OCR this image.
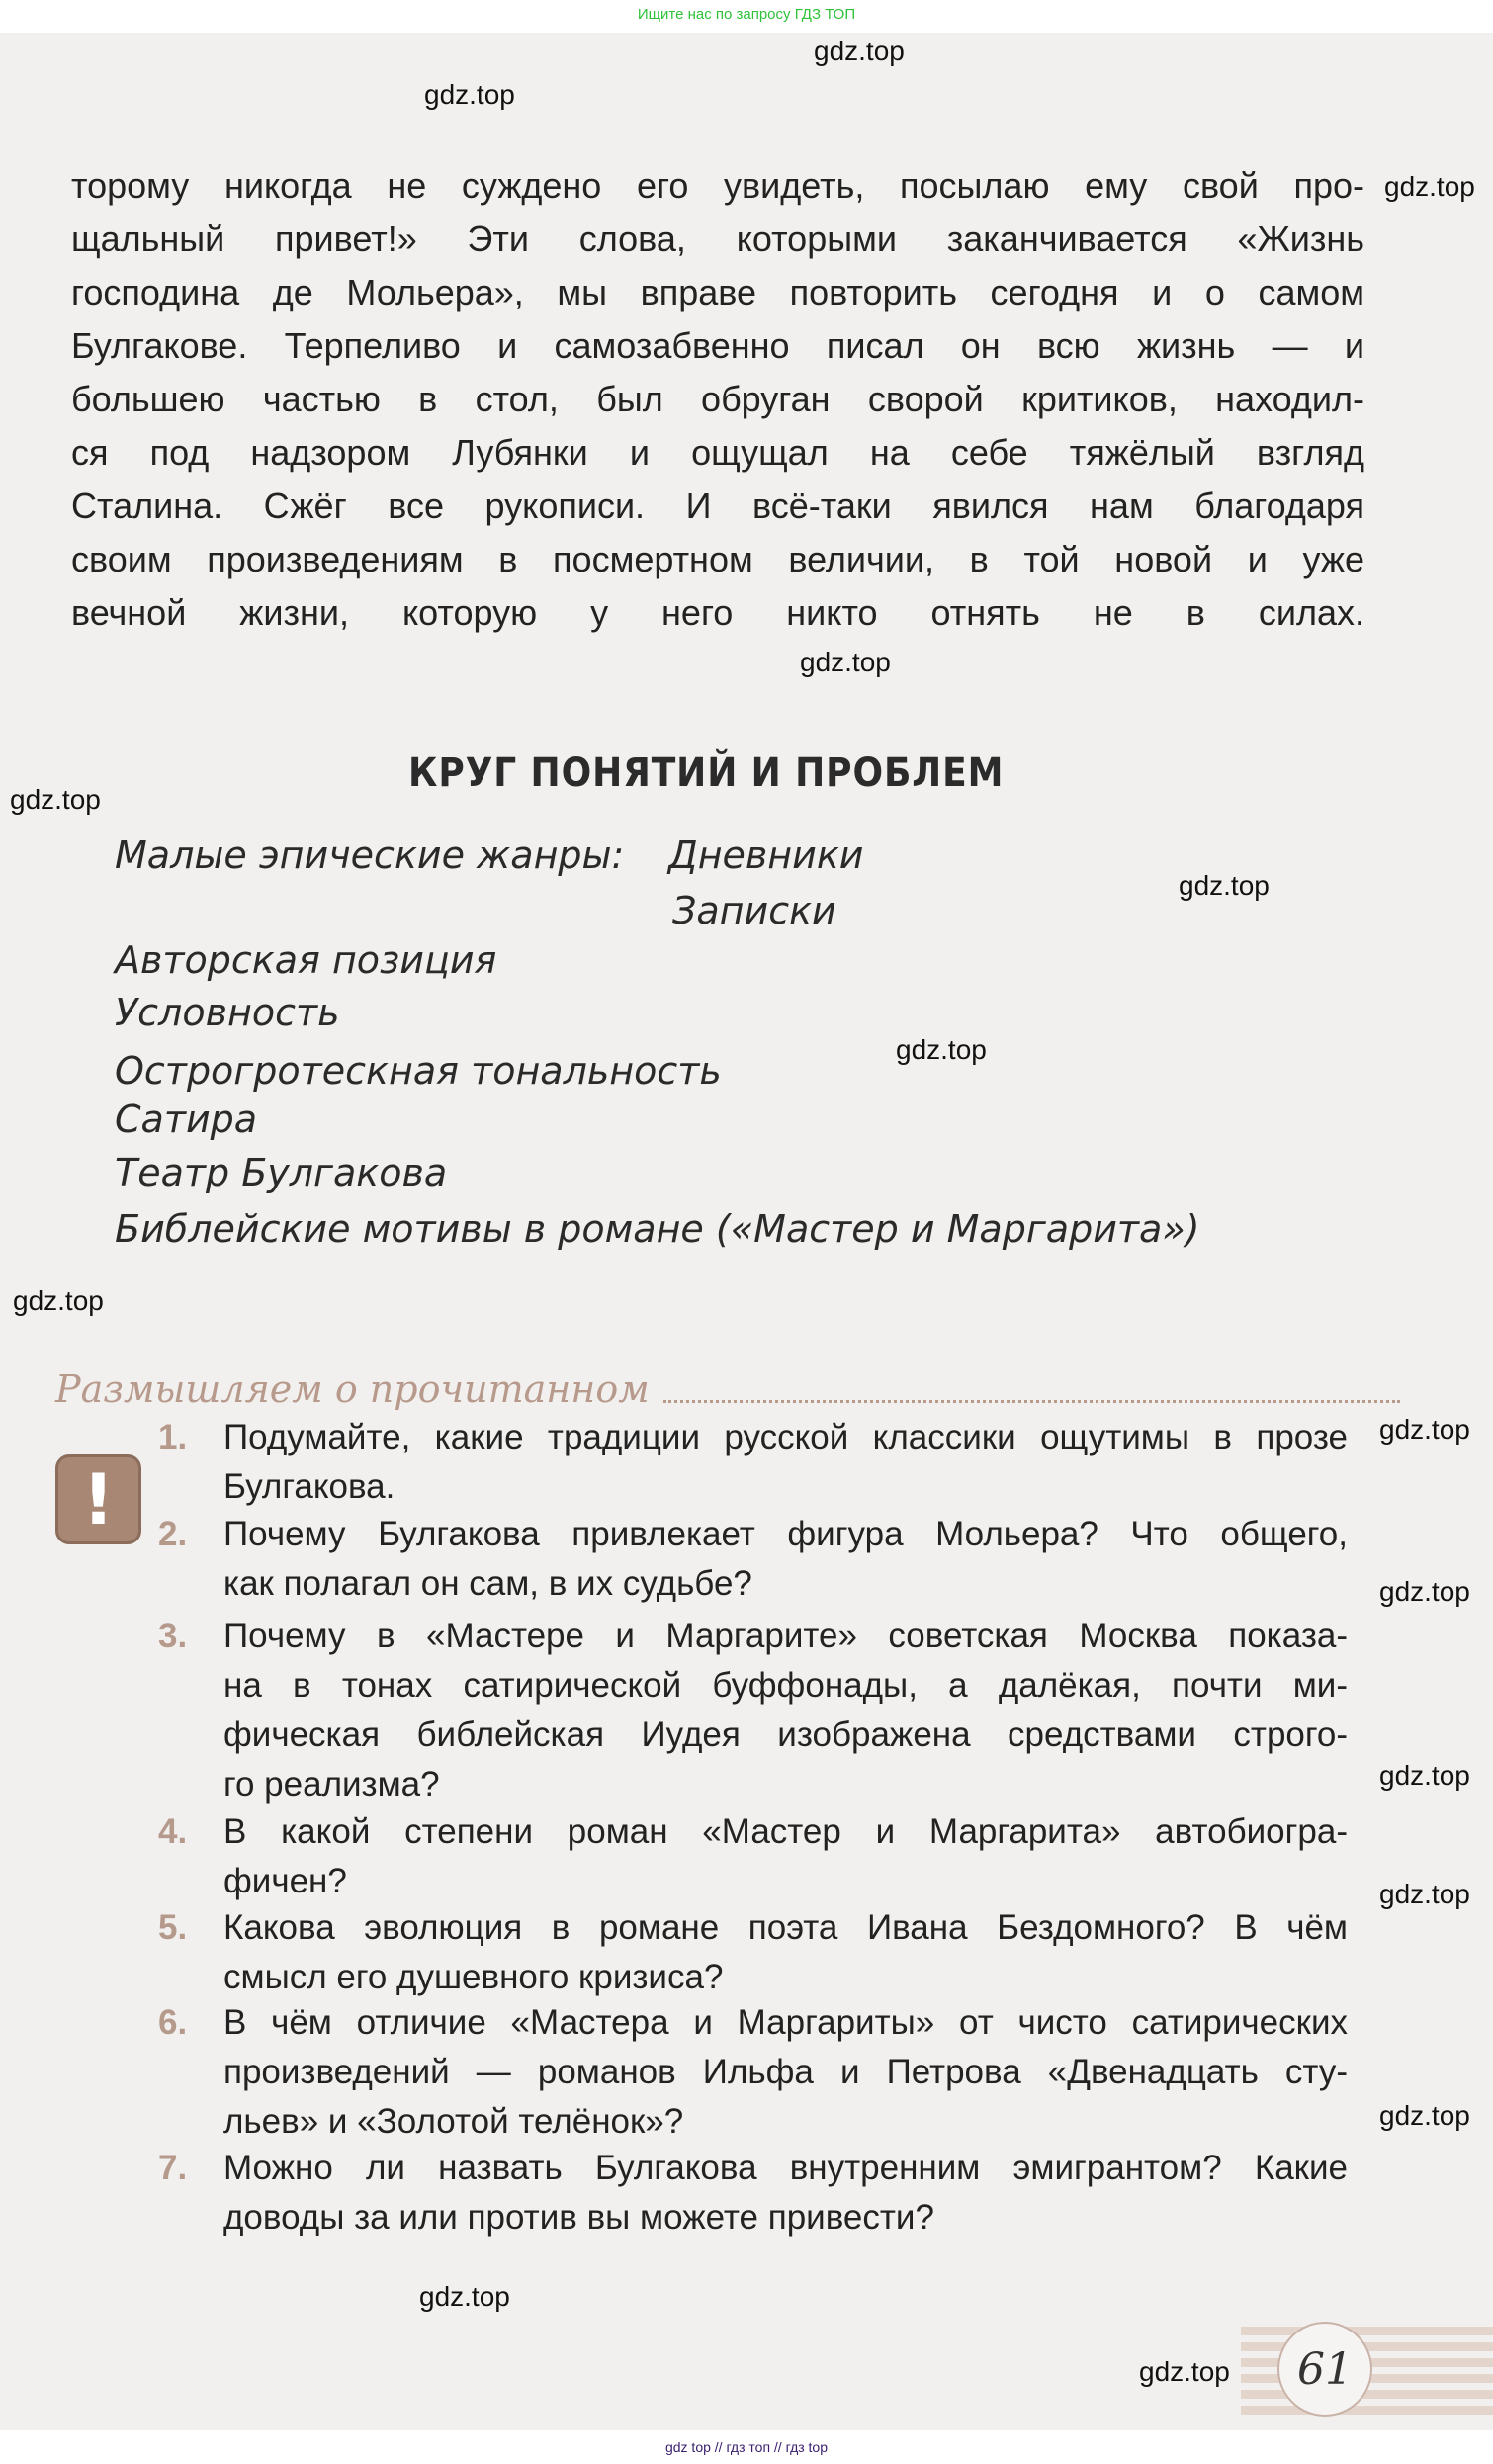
Ищите нас по запросу ГДЗ ТОП
торому никогда не суждено его увидеть, посылаю ему свой про-
щальный привет!» Эти слова, которыми заканчивается «Жизнь
господина де Мольера», мы вправе повторить сегодня и о самом
Булгакове. Терпеливо и самозабвенно писал он всю жизнь — и
большею частью в стол, был обруган сворой критиков, находил-
ся под надзором Лубянки и ощущал на себе тяжёлый взгляд
Сталина. Сжёг все рукописи. И всё-таки явился нам благодаря
своим произведениям в посмертном величии, в той новой и уже
вечной жизни, которую у него никто отнять не в силах.
КРУГ ПОНЯТИЙ И ПРОБЛЕМ
Малые эпические жанры: Дневники
Записки
Авторская позиция
Условность
Острогротескная тональность
Сатира
Театр Булгакова
Библейские мотивы в романе («Мастер и Маргарита»)
Размышляем о прочитанном
!
1. Подумайте, какие традиции русской классики ощутимы в прозе
Булгакова.
2. Почему Булгакова привлекает фигура Мольера? Что общего,
как полагал он сам, в их судьбе?
3. Почему в «Мастере и Маргарите» советская Москва показа-
на в тонах сатирической буффонады, а далёкая, почти ми-
фическая библейская Иудея изображена средствами строго-
го реализма?
4. В какой степени роман «Мастер и Маргарита» автобиогра-
фичен?
5. Какова эволюция в романе поэта Ивана Бездомного? В чём
смысл его душевного кризиса?
6. В чём отличие «Мастера и Маргариты» от чисто сатирических
произведений — романов Ильфа и Петрова «Двенадцать сту-
льев» и «Золотой телёнок»?
7. Можно ли назвать Булгакова внутренним эмигрантом? Какие
доводы за или против вы можете привести?
61
gdz.top
gdz.top
gdz.top
gdz.top
gdz.top
gdz.top
gdz.top
gdz.top
gdz.top
gdz.top
gdz.top
gdz.top
gdz.top
gdz.top
gdz.top
gdz top // гдз топ // гдз top
